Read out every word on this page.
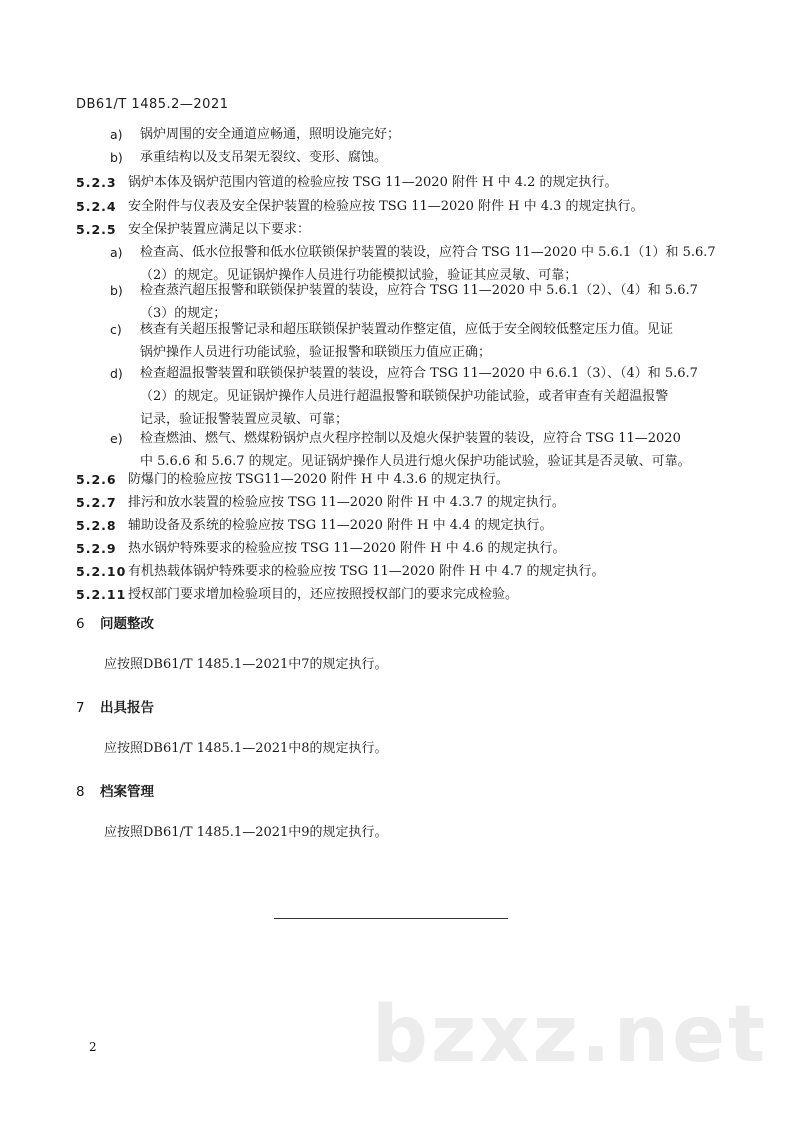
DB61/T 1485.2—2021
a) 锅炉周围的安全通道应畅通，照明设施完好；
b) 承重结构以及支吊架无裂纹、变形、腐蚀。
5.2.3 锅炉本体及锅炉范围内管道的检验应按 TSG 11—2020 附件 H 中 4.2 的规定执行。
5.2.4 安全附件与仪表及安全保护装置的检验应按 TSG 11—2020 附件 H 中 4.3 的规定执行。
5.2.5 安全保护装置应满足以下要求：
a) 检查高、低水位报警和低水位联锁保护装置的装设，应符合 TSG 11—2020 中 5.6.1（1）和 5.6.7
（2）的规定。见证锅炉操作人员进行功能模拟试验，验证其应灵敏、可靠；
b) 检查蒸汽超压报警和联锁保护装置的装设，应符合 TSG 11—2020 中 5.6.1（2）、（4）和 5.6.7
（3）的规定；
c) 核查有关超压报警记录和超压联锁保护装置动作整定值，应低于安全阀较低整定压力值。见证
锅炉操作人员进行功能试验，验证报警和联锁压力值应正确；
d) 检查超温报警装置和联锁保护装置的装设，应符合 TSG 11—2020 中 6.6.1（3）、（4）和 5.6.7
（2）的规定。见证锅炉操作人员进行超温报警和联锁保护功能试验，或者审查有关超温报警
记录，验证报警装置应灵敏、可靠；
e) 检查燃油、燃气、燃煤粉锅炉点火程序控制以及熄火保护装置的装设，应符合 TSG 11—2020
中 5.6.6 和 5.6.7 的规定。见证锅炉操作人员进行熄火保护功能试验，验证其是否灵敏、可靠。
5.2.6 防爆门的检验应按 TSG11—2020 附件 H 中 4.3.6 的规定执行。
5.2.7 排污和放水装置的检验应按 TSG 11—2020 附件 H 中 4.3.7 的规定执行。
5.2.8 辅助设备及系统的检验应按 TSG 11—2020 附件 H 中 4.4 的规定执行。
5.2.9 热水锅炉特殊要求的检验应按 TSG 11—2020 附件 H 中 4.6 的规定执行。
5.2.10 有机热载体锅炉特殊要求的检验应按 TSG 11—2020 附件 H 中 4.7 的规定执行。
5.2.11 授权部门要求增加检验项目的，还应按照授权部门的要求完成检验。
6 问题整改
应按照DB61/T 1485.1—2021中7的规定执行。
7 出具报告
应按照DB61/T 1485.1—2021中8的规定执行。
8 档案管理
应按照DB61/T 1485.1—2021中9的规定执行。
2	bzxz.net
